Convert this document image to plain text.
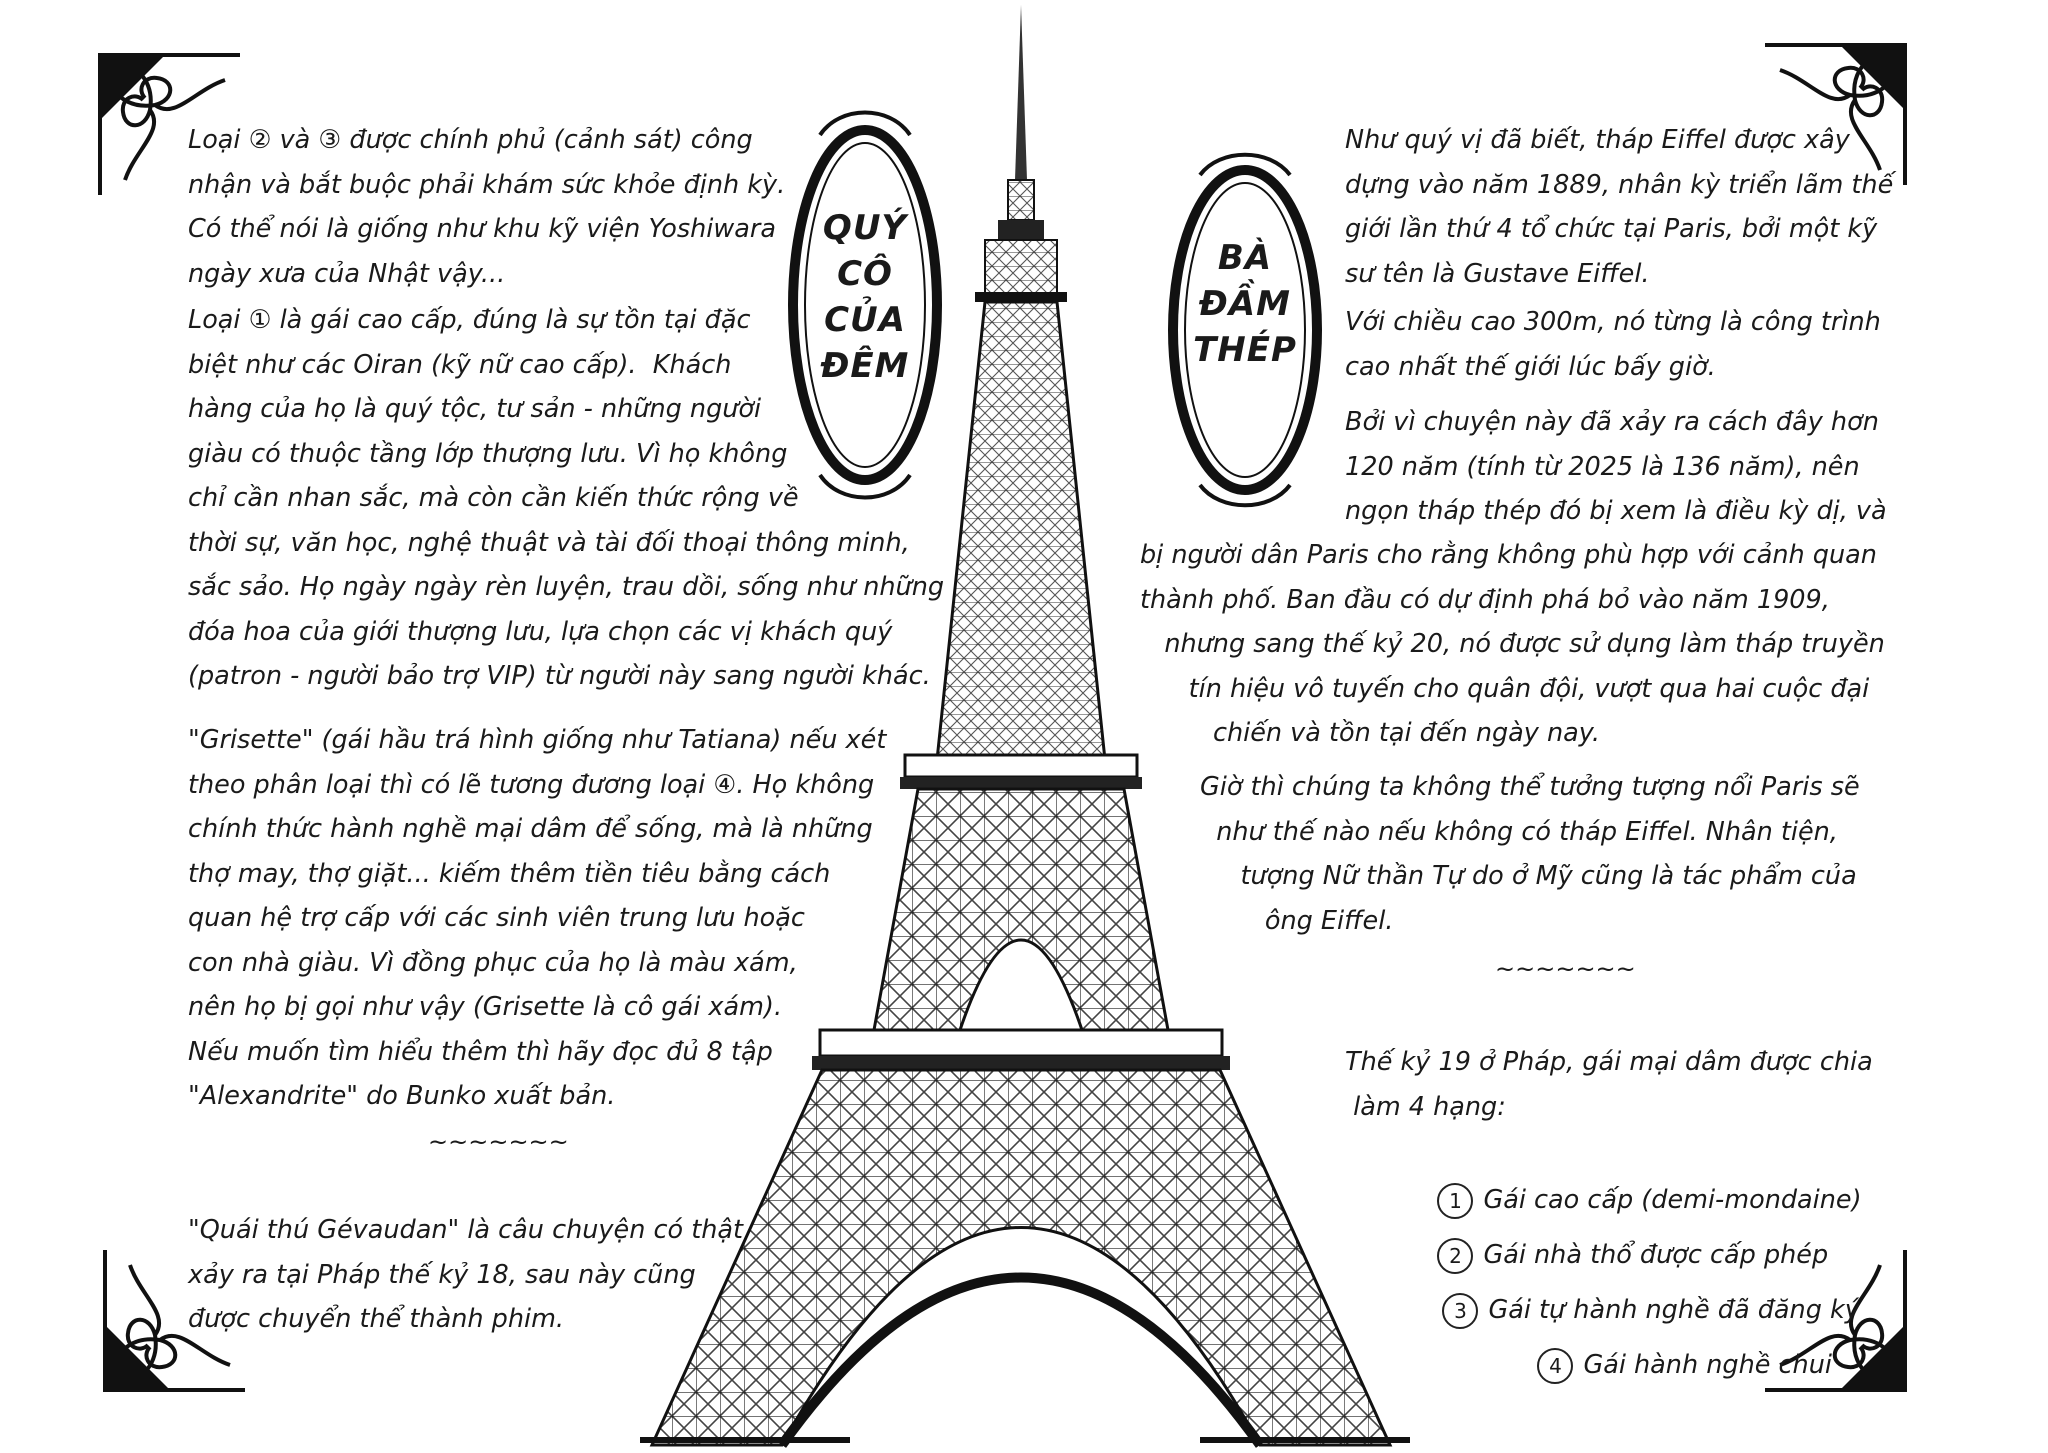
QUÝ
CÔ
CỦA
ĐÊM
BÀ
ĐẦM
THÉP
Loại ② và ③ được chính phủ (cảnh sát) công
nhận và bắt buộc phải khám sức khỏe định kỳ.
Có thể nói là giống như khu kỹ viện Yoshiwara
ngày xưa của Nhật vậy...
Loại ① là gái cao cấp, đúng là sự tồn tại đặc
biệt như các Oiran (kỹ nữ cao cấp).  Khách
hàng của họ là quý tộc, tư sản - những người
giàu có thuộc tầng lớp thượng lưu. Vì họ không
chỉ cần nhan sắc, mà còn cần kiến thức rộng về
thời sự, văn học, nghệ thuật và tài đối thoại thông minh,
sắc sảo. Họ ngày ngày rèn luyện, trau dồi, sống như những
đóa hoa của giới thượng lưu, lựa chọn các vị khách quý
(patron - người bảo trợ VIP) từ người này sang người khác.
"Grisette" (gái hầu trá hình giống như Tatiana) nếu xét
theo phân loại thì có lẽ tương đương loại ④. Họ không
chính thức hành nghề mại dâm để sống, mà là những
thợ may, thợ giặt... kiếm thêm tiền tiêu bằng cách
quan hệ trợ cấp với các sinh viên trung lưu hoặc
con nhà giàu. Vì đồng phục của họ là màu xám,
nên họ bị gọi như vậy (Grisette là cô gái xám).
Nếu muốn tìm hiểu thêm thì hãy đọc đủ 8 tập
"Alexandrite" do Bunko xuất bản.
~~~~~~~
"Quái thú Gévaudan" là câu chuyện có thật
xảy ra tại Pháp thế kỷ 18, sau này cũng
được chuyển thể thành phim.
Như quý vị đã biết, tháp Eiffel được xây
dựng vào năm 1889, nhân kỳ triển lãm thế
giới lần thứ 4 tổ chức tại Paris, bởi một kỹ
sư tên là Gustave Eiffel.
Với chiều cao 300m, nó từng là công trình
cao nhất thế giới lúc bấy giờ.
Bởi vì chuyện này đã xảy ra cách đây hơn
120 năm (tính từ 2025 là 136 năm), nên
ngọn tháp thép đó bị xem là điều kỳ dị, và
bị người dân Paris cho rằng không phù hợp với cảnh quan
thành phố. Ban đầu có dự định phá bỏ vào năm 1909,
nhưng sang thế kỷ 20, nó được sử dụng làm tháp truyền
tín hiệu vô tuyến cho quân đội, vượt qua hai cuộc đại
chiến và tồn tại đến ngày nay.
Giờ thì chúng ta không thể tưởng tượng nổi Paris sẽ
như thế nào nếu không có tháp Eiffel. Nhân tiện,
tượng Nữ thần Tự do ở Mỹ cũng là tác phẩm của
ông Eiffel.
~~~~~~~
Thế kỷ 19 ở Pháp, gái mại dâm được chia
làm 4 hạng:

1 Gái cao cấp (demi-mondaine)

2 Gái nhà thổ được cấp phép

3 Gái tự hành nghề đã đăng ký

4 Gái hành nghề chui
